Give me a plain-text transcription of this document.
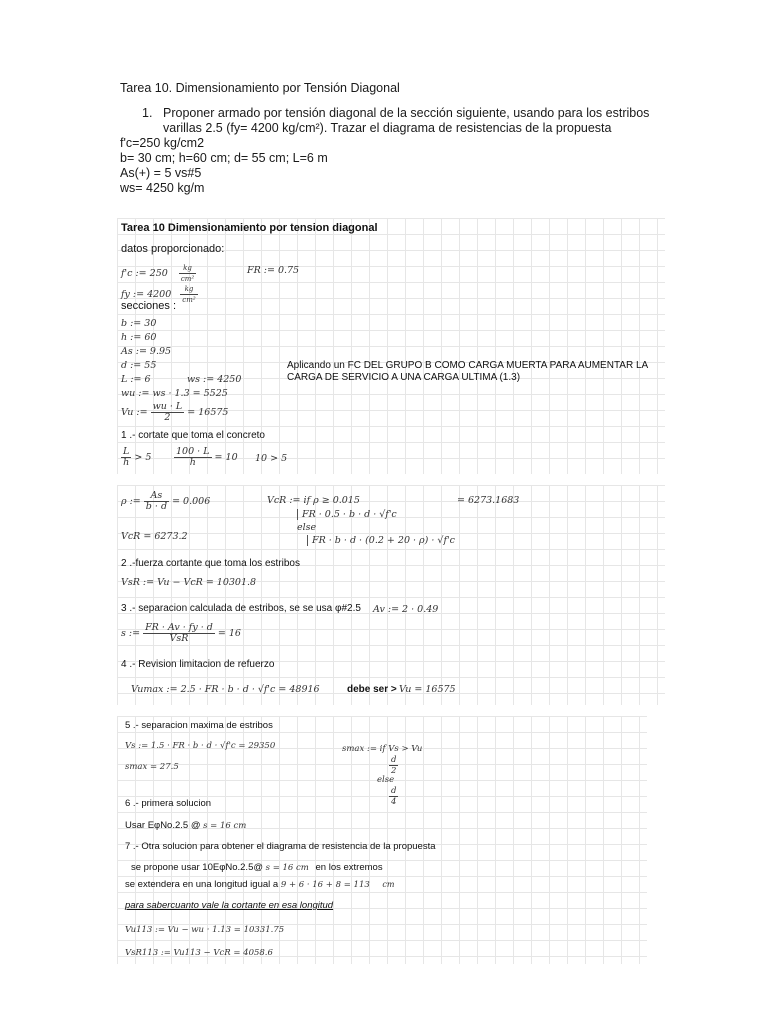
Tarea 10. Dimensionamiento por Tensión Diagonal
1. Proponer armado por tensión diagonal de la sección siguiente, usando para los estribos
varillas 2.5 (fy= 4200 kg/cm²). Trazar el diagrama de resistencias de la propuesta
f'c=250 kg/cm2
b= 30 cm; h=60 cm; d= 55 cm; L=6 m
As(+) = 5 vs#5
ws= 4250 kg/m
Tarea 10 Dimensionamiento por tension diagonal
datos proporcionado:
f'c := $250 \frac{kg}{\text{cm²}}$	FR := 0.75
fy := $4200 \frac{kg}{\text{cm²}}$
secciones :
b := 30
h := 60
As := 9.95
d := 55
L := 6	ws := 4250
wu := ws · 1.3 = 5525
Vu := $\frac{wu \cdot L}{2} = 16575$
Aplicando un FC DEL GRUPO B COMO CARGA MUERTA PARA AUMENTAR LA
CARGA DE SERVICIO A UNA CARGA ULTIMA (1.3)
1 .- cortate que toma el concreto
$\frac{L}{h} > 5 \frac{100 \cdot L}{h} = 10$ 10 > 5
ρ := $\frac{As}{b \cdot d} = 0.006$	VcR := if ρ ≥ 0.015
FR · 0.5 · b · d · √f'c
else
FR · b · d · (0.2 + 20 · ρ) · √f'c
= 6273.1683
VcR = 6273.2
2 .-fuerza cortante que toma los estribos
VsR := Vu − VcR = 10301.8
3 .- separacion calculada de estribos, se se usa φ#2.5 Av := 2 · 0.49
s := $\frac{FR \cdot Av \cdot fy \cdot d}{\text{VsR}} = 16$
4 .- Revision limitacion de refuerzo
Vumax := 2.5 · FR · b · d · √f'c = 48916	debe ser > Vu = 16575
5 .- separacion maxima de estribos
Vs := 1.5 · FR · b · d · √f'c = 29350	smax := if Vs > Vu
$\frac{d}{2}$
else
$\frac{d}{4}$
smax = 27.5
6 .- primera solucion
Usar EφNo.2.5 @ s = 16 cm
7 .- Otra solucion para obtener el diagrama de resistencia de la propuesta
se propone usar 10EφNo.2.5@ s = 16 cm en los extremos
se extendera en una longitud igual a 9 + 6 · 16 + 8 = 113 cm
para sabercuanto vale la cortante en esa longitud
Vu113 := Vu − wu · 1.13 = 10331.75
VsR113 := Vu113 − VcR = 4058.6
